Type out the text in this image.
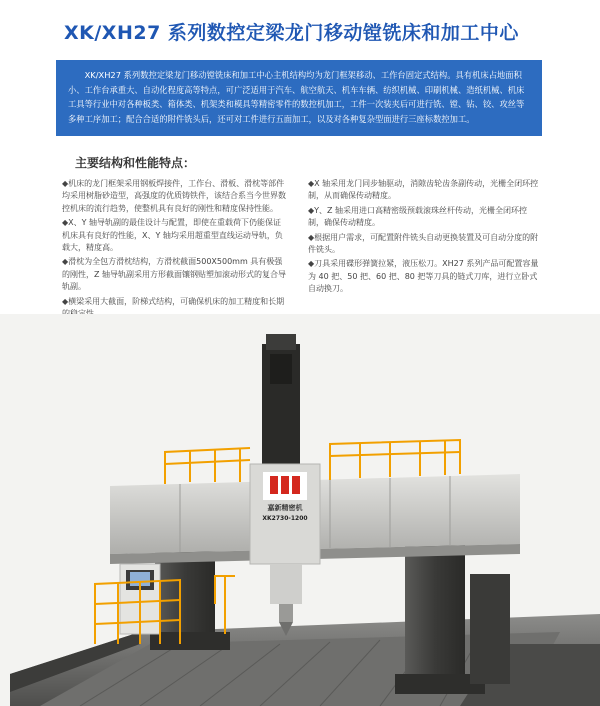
XK/XH27 系列数控定梁龙门移动镗铣床和加工中心

XK/XH27 系列数控定梁龙门移动镗铣床和加工中心主机结构均为龙门框架移动、工作台固定式结构。具有机床占地面积小、工作台承重大、自动化程度高等特点，可广泛适用于汽车、航空航天、机车车辆、纺织机械、印刷机械、造纸机械、机床工具等行业中对各种板类、箱体类、机架类和模具等精密零件的数控机加工，工件一次装夹后可进行铣、镗、钻、铰、攻丝等多种工序加工；配合合适的附件铣头后，还可对工件进行五面加工，以及对各种复杂型面进行三座标数控加工。

主要结构和性能特点：

◆机床的龙门框架采用钢板焊接件，工作台、滑板、滑枕等部件均采用树脂砂造型，高强度的优质铸铁件，该结合系当今世界数控机床的流行趋势，使整机具有良好的刚性和精度保持性能。

◆X、Y 轴导轨副的最佳设计与配置，即使在重载荷下仍能保证机床具有良好的性能，X、Y 轴均采用超重型直线运动导轨，负载大，精度高。

◆滑枕为全包方滑枕结构，方滑枕截面500X500mm 具有极强的刚性，Z 轴导轨副采用方形截面镶钢贴塑加滚动形式的复合导轨副。

◆横梁采用大截面，阶梯式结构，可确保机床的加工精度和长期

◆X 轴采用龙门同步轴驱动，消隙齿轮齿条副传动，光栅全闭环控制，从而确保传动精度。

◆Y、Z 轴采用进口高精密级预载滚珠丝杆传动，光栅全闭环控制，确保传动精度。

◆根据用户需求，可配置附件铣头自动更换装置及可自动分度的附件铣头。

◆刀具采用碟形弹簧拉紧，液压松刀。XH27 系列产品可配置容量为 40 把、50 把、60 把、80 把等刀具的链式刀库，进行立卧式自动换刀。

嘉新精密机
XK2730-1200
